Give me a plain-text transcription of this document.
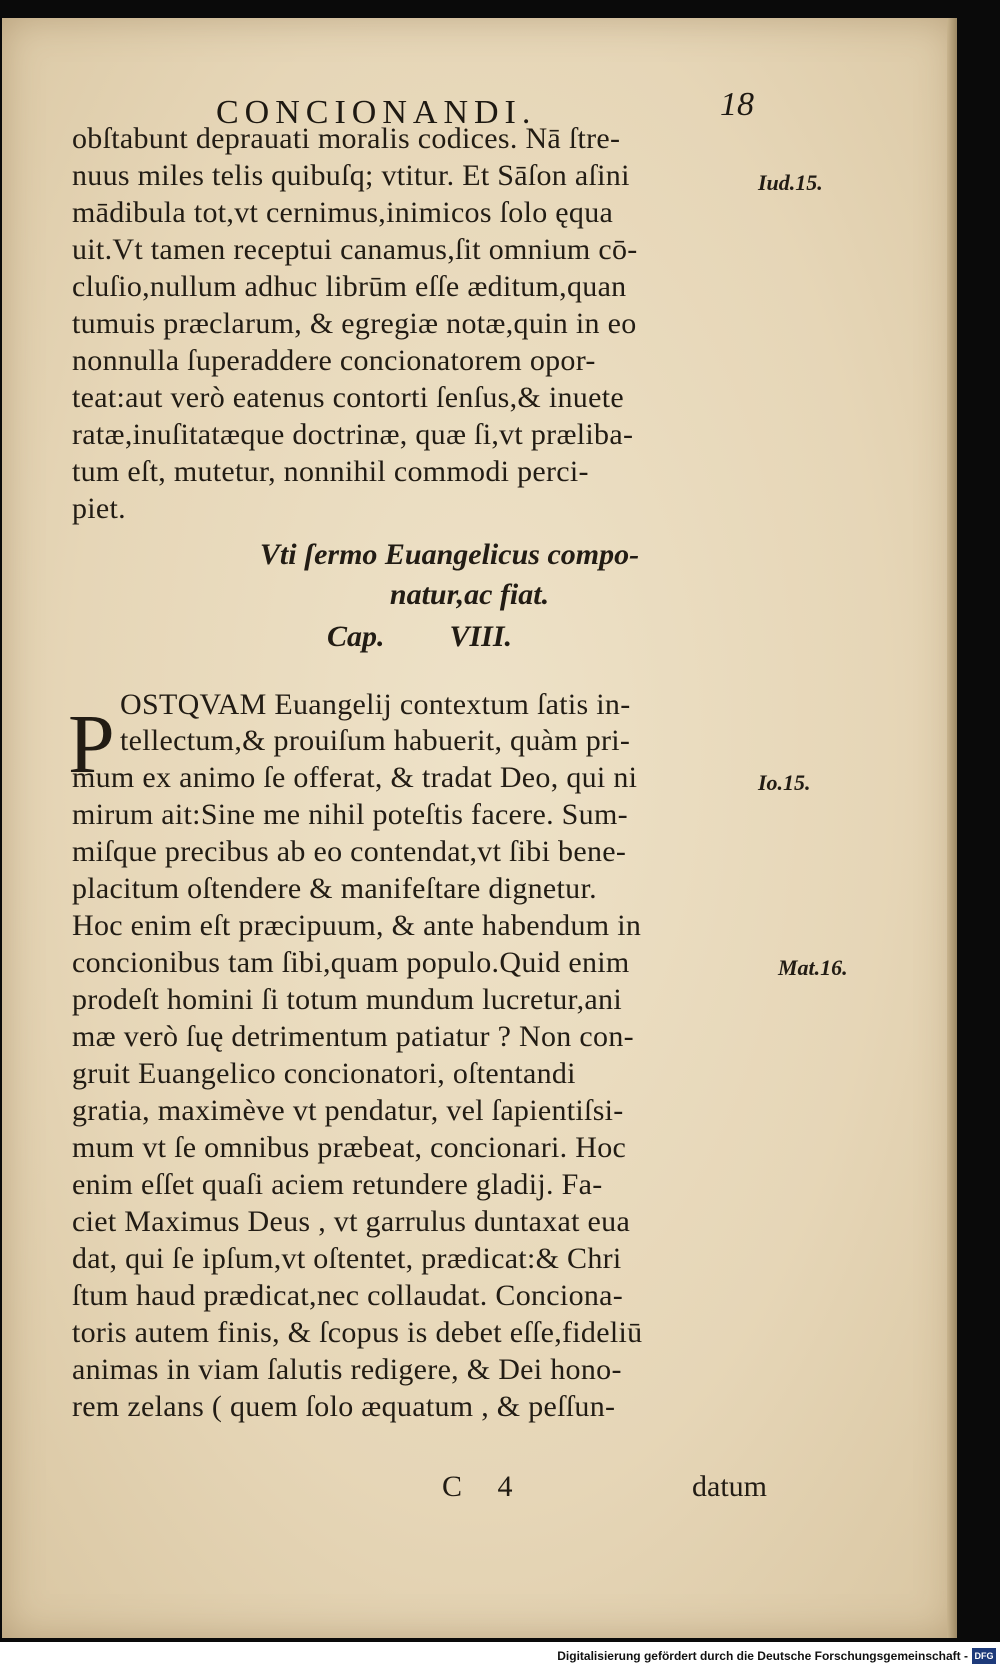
CONCIONANDI.	18
obſtabunt deprauati moralis codices. Nā ſtre-
nuus miles telis quibuſq; vtitur. Et Sāſon aſini
mādibula tot,vt cernimus,inimicos ſolo ęqua
uit.Vt tamen receptui canamus,ſit omnium cō-
cluſio,nullum adhuc librūm eſſe æditum,quan
tumuis præclarum, & egregiæ notæ,quin in eo
nonnulla ſuperaddere concionatorem opor-
teat:aut verò eatenus contorti ſenſus,& inuete
ratæ,inuſitatæque doctrinæ, quæ ſi,vt prælibа-
tum eſt, mutetur, nonnihil commodi perci-
piet.
Iud.15.
Vti ſermo Euangelicus compo-
natur,ac fiat.
Cap. VIII.
P OSTQVAM Euangelij contextum ſatis in-
tellectum,& prouiſum habuerit, quàm pri-
mum ex animo ſe offerat, & tradat Deo, qui ni
mirum ait:Sine me nihil poteſtis facere. Sum-
miſque precibus ab eo contendat,vt ſibi bene-
placitum oſtendere & manifeſtare dignetur.
Hoc enim eſt præcipuum, & ante habendum in
concionibus tam ſibi,quam populo.Quid enim
prodeſt homini ſi totum mundum lucretur,ani
mæ verò ſuę detrimentum patiatur ? Non con-
gruit Euangelico concionatori, oſtentandi
gratia, maximève vt pendatur, vel ſapientiſsi-
mum vt ſe omnibus præbeat, concionari. Hoc
enim eſſet quaſi aciem retundere gladij. Fa-
ciet Maximus Deus , vt garrulus duntaxat eua
dat, qui ſe ipſum,vt oſtentet, prædicat:& Chri
ſtum haud prædicat,nec collaudat. Conciona-
toris autem finis, & ſcopus is debet eſſe,fideliū
animas in viam ſalutis redigere, & Dei hono-
rem zelans ( quem ſolo æquatum , & peſſun-
Io.15.
Mat.16.
C 4	datum
Digitalisierung gefördert durch die Deutsche Forschungsgemeinschaft - DFG
